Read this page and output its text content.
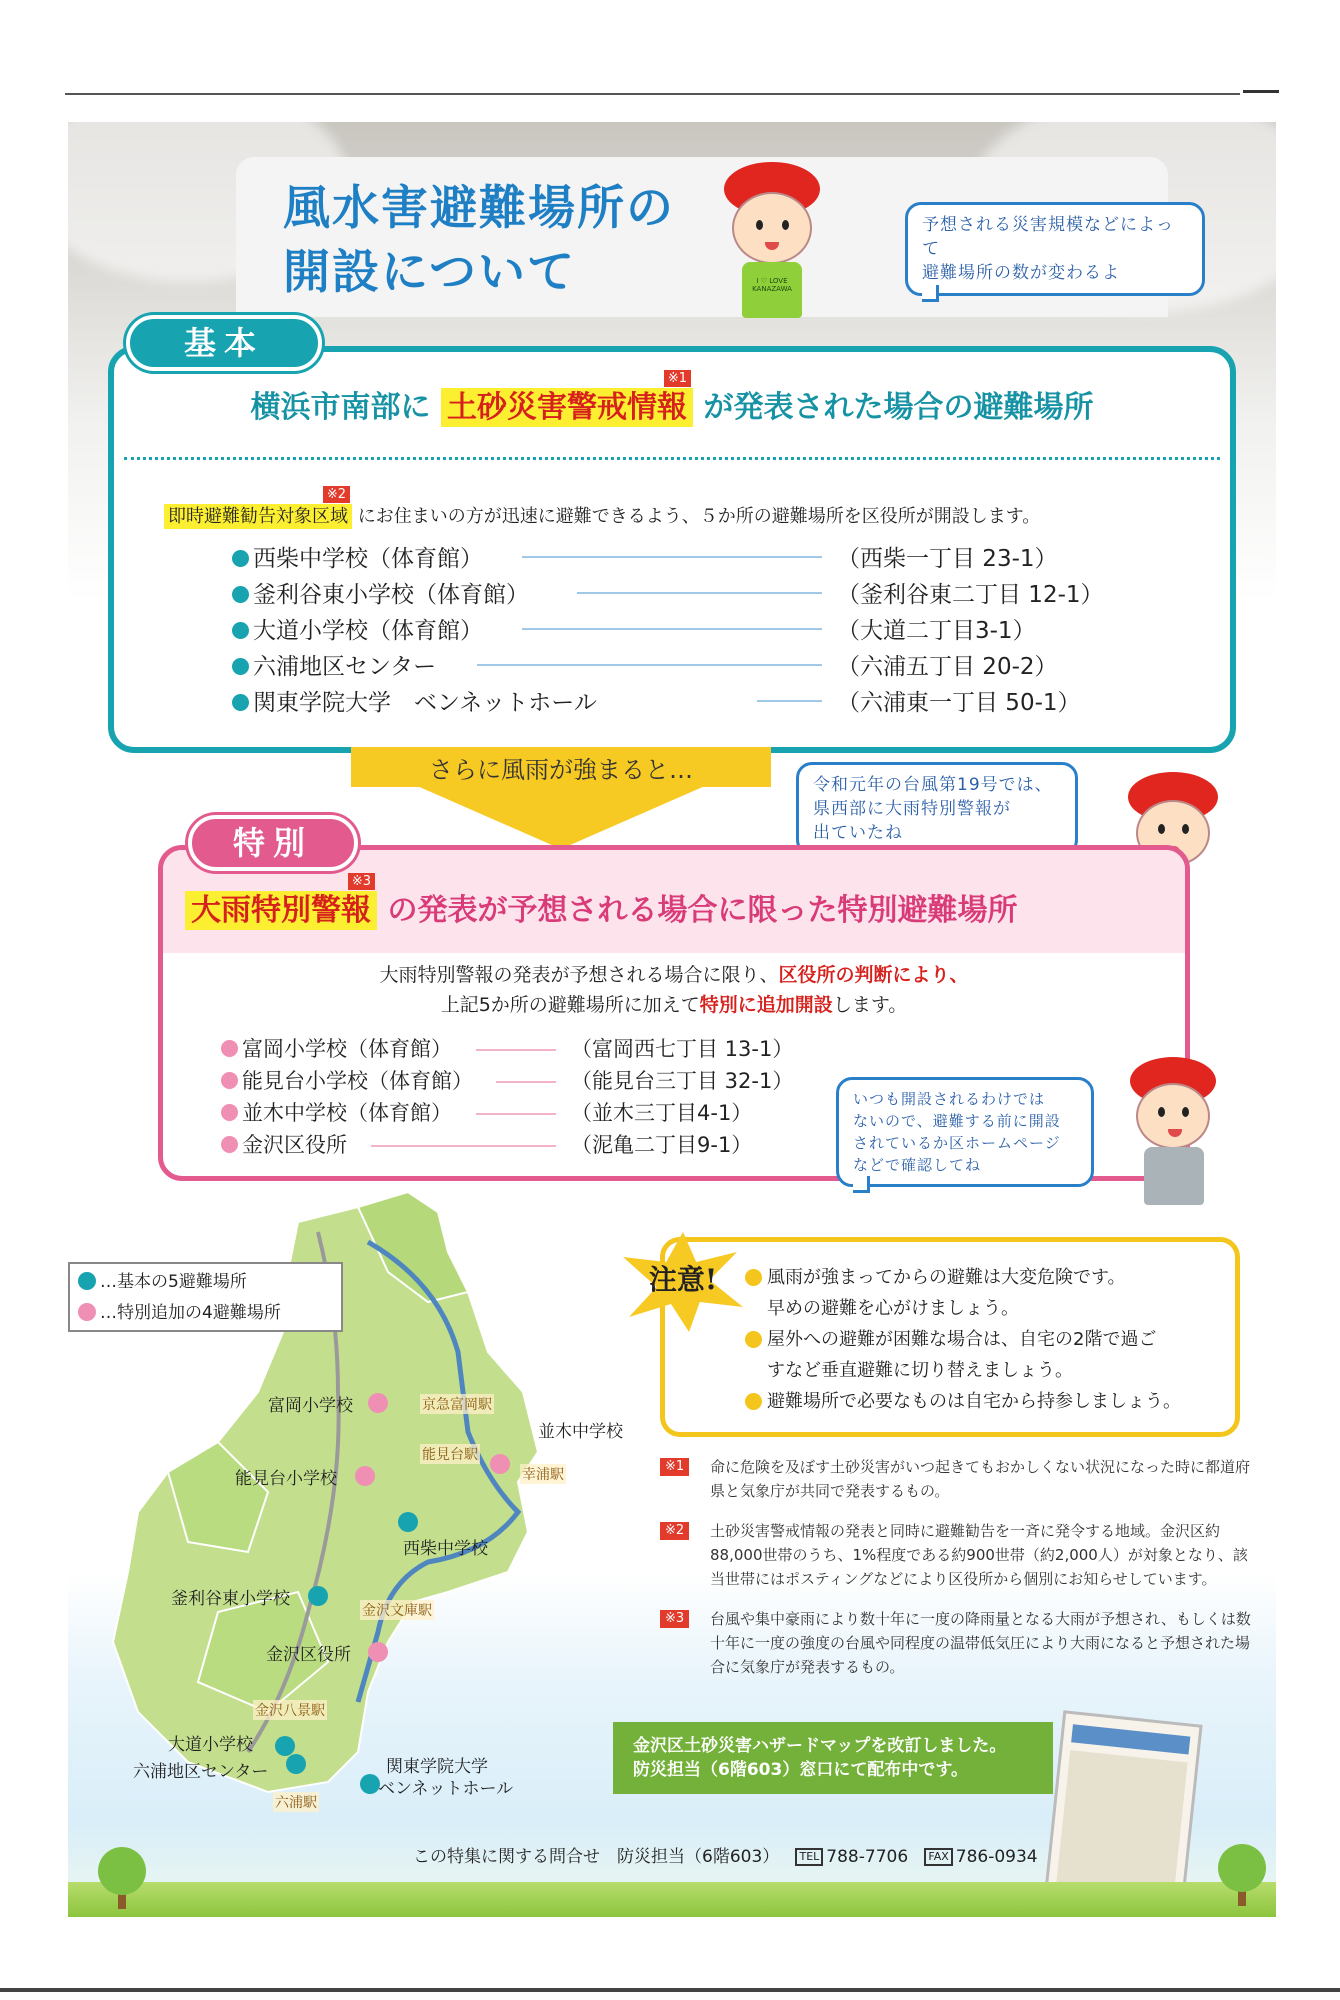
風水害避難場所の
開設について	I ♡ LOVE KANAZAWA
予想される災害規模などによって
避難場所の数が変わるよ
基本
横浜市南部に
※1
土砂災害警戒情報 が発表された場合の避難場所
※2
即時避難勧告対象区域 にお住まいの方が迅速に避難できるよう、５か所の避難場所を区役所が開設します。
西柴中学校（体育館）	（西柴一丁目 23-1）
釜利谷東小学校（体育館）	（釜利谷東二丁目 12-1）
大道小学校（体育館）	（大道二丁目3-1）
六浦地区センター	（六浦五丁目 20-2）
関東学院大学　ベンネットホール	（六浦東一丁目 50-1）
さらに風雨が強まると…
令和元年の台風第19号では、
県西部に大雨特別警報が
出ていたね
特別
※3
大雨特別警報 の発表が予想される場合に限った特別避難場所
大雨特別警報の発表が予想される場合に限り、区役所の判断により、
上記5か所の避難場所に加えて特別に追加開設します。
富岡小学校（体育館）	（富岡西七丁目 13-1）
能見台小学校（体育館）	（能見台三丁目 32-1）
並木中学校（体育館）	（並木三丁目4-1）
金沢区役所	（泥亀二丁目9-1）
いつも開設されるわけでは
ないので、避難する前に開設
されているか区ホームページ
などで確認してね
…基本の5避難場所
…特別追加の4避難場所
富岡小学校	京急富岡駅
能見台駅
並木中学校
幸浦駅
能見台小学校
西柴中学校
釜利谷東小学校
金沢文庫駅
金沢区役所
金沢八景駅
大道小学校
六浦地区センター
六浦駅
関東学院大学
ベンネットホール
風雨が強まってからの避難は大変危険です。
早めの避難を心がけましょう。
屋外への避難が困難な場合は、自宅の2階で過ご
すなど垂直避難に切り替えましょう。
避難場所で必要なものは自宅から持参しましょう。
注意!
※1	命に危険を及ぼす土砂災害がいつ起きてもおかしくない状況になった時に都道府県と気象庁が共同で発表するもの。
※2	土砂災害警戒情報の発表と同時に避難勧告を一斉に発令する地域。金沢区約88,000世帯のうち、1%程度である約900世帯（約2,000人）が対象となり、該当世帯にはポスティングなどにより区役所から個別にお知らせしています。
※3	台風や集中豪雨により数十年に一度の降雨量となる大雨が予想され、もしくは数十年に一度の強度の台風や同程度の温帯低気圧により大雨になると予想された場合に気象庁が発表するもの。
金沢区土砂災害ハザードマップを改訂しました。
防災担当（6階603）窓口にて配布中です。
この特集に関する問合せ　防災担当（6階603） TEL 788-7706 FAX 786-0934
